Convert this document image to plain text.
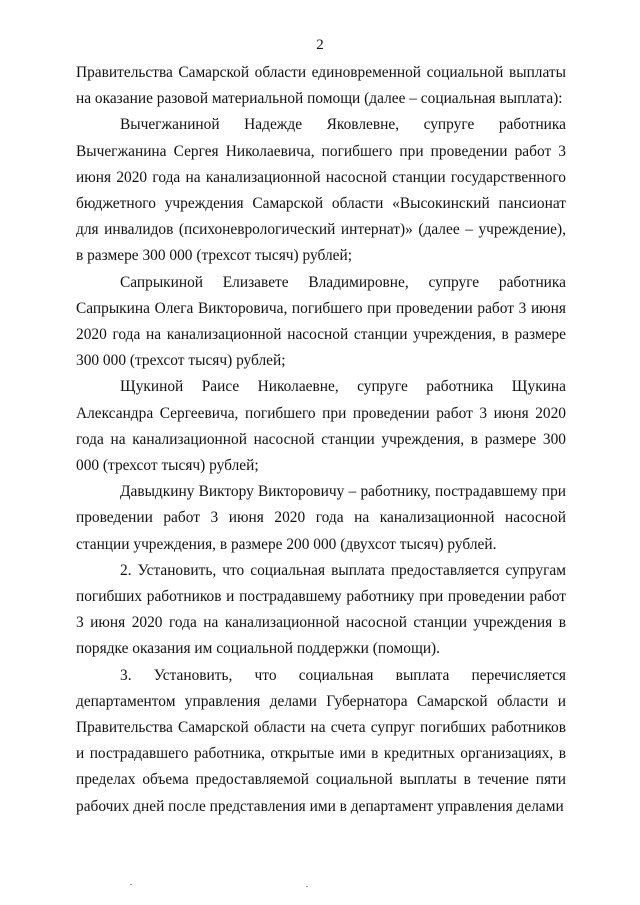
2

Правительства Самарской области единовременной социальной выплаты на оказание разовой материальной помощи (далее – социальная выплата):

Вычегжаниной Надежде Яковлевне, супруге работника Вычегжанина Сергея Николаевича, погибшего при проведении работ 3 июня 2020 года на канализационной насосной станции государственного бюджетного учреждения Самарской области «Высокинский пансионат для инвалидов (психоневрологический интернат)» (далее – учреждение), в размере 300 000 (трехсот тысяч) рублей;

Сапрыкиной Елизавете Владимировне, супруге работника Сапрыкина Олега Викторовича, погибшего при проведении работ 3 июня 2020 года на канализационной насосной станции учреждения, в размере 300 000 (трехсот тысяч) рублей;

Щукиной Раисе Николаевне, супруге работника Щукина Александра Сергеевича, погибшего при проведении работ 3 июня 2020 года на канализационной насосной станции учреждения, в размере 300 000 (трехсот тысяч) рублей;

Давыдкину Виктору Викторовичу – работнику, пострадавшему при проведении работ 3 июня 2020 года на канализационной насосной станции учреждения, в размере 200 000 (двухсот тысяч) рублей.

2. Установить, что социальная выплата предоставляется супругам погибших работников и пострадавшему работнику при проведении работ 3 июня 2020 года на канализационной насосной станции учреждения в порядке оказания им социальной поддержки (помощи).

3. Установить, что социальная выплата перечисляется департаментом управления делами Губернатора Самарской области и Правительства Самарской области на счета супруг погибших работников и пострадавшего работника, открытые ими в кредитных организациях, в пределах объема предоставляемой социальной выплаты в течение пяти рабочих дней после представления ими в департамент управления делами
